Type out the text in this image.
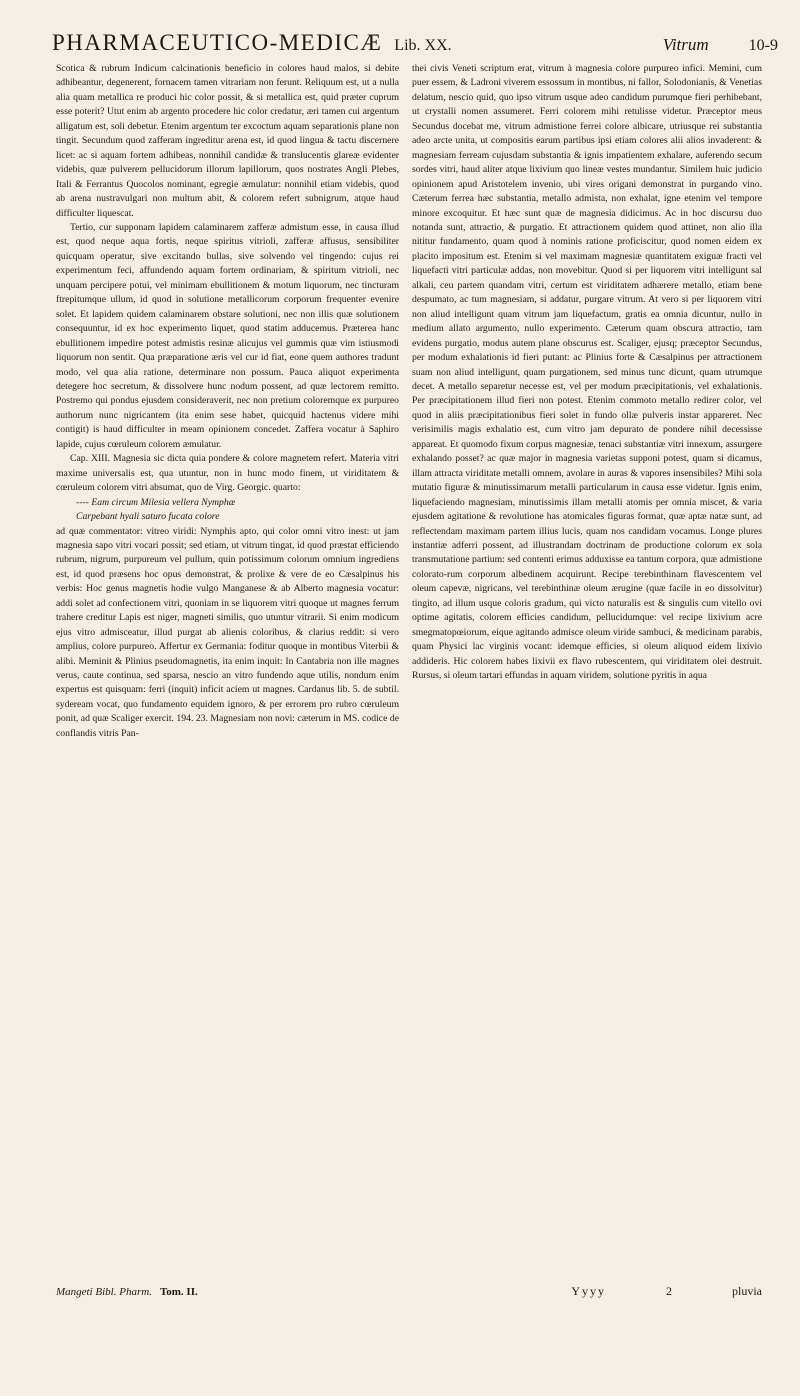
PHARMACEUTICO-MEDICÆ Lib. XX.	Vitrum	10-9

Scotica & rubrum Indicum calcinationis beneficio in colores haud malos, si debite adhibeantur, degenerent, fornacem tamen vitrariam non ferunt. Reliquum est, ut a nulla alia quam metallica re produci hic color possit, & si metallica est, quid præter cuprum esse poterit? Utut enim ab argento procedere hic color credatur, æri tamen cui argentum alligatum est, soli debetur. Etenim argentum ter excoctum aquam separationis plane non tingit. Secundum quod zafferam ingreditur arena est, id quod lingua & tactu discernere licet: ac si aquam fortem adhibeas, nonnihil candidæ & translucentis glareæ evidenter videbis, quæ pulverem pellucidorum illorum lapillorum, quos nostrates Angli Plebes, Itali & Ferrantus Quocolos nominant, egregie æmulatur: nonnihil etiam videbis, quod ab arena nustravulgari non multum abit, & colorem refert subnigrum, atque haud difficulter liquescat.

Tertio, cur supponam lapidem calaminarem zafferæ admistum esse, in causa illud est, quod neque aqua fortis, neque spiritus vitrioli, zafferæ affusus, sensibiliter quicquam operatur, sive excitando bullas, sive solvendo vel tingendo: cujus rei experimentum feci, affundendo aquam fortem ordinariam, & spiritum vitrioli, nec unquam percipere potui, vel minimam ebullitionem & motum liquorum, nec tincturam ftrepitumque ullum, id quod in solutione metallicorum corporum frequenter evenire solet. Et lapidem quidem calaminarem obstare solutioni, nec non illis quæ solutionem consequuntur, id ex hoc experimento liquet, quod statim adducemus. Præterea hanc ebullitionem impedire potest admistis resinæ alicujus vel gummis quæ vim istiusmodi liquorum non sentit. Qua præparatione æris vel cur id fiat, eone quem authores tradunt modo, vel qua alia ratione, determinare non possum. Pauca aliquot experimenta detegere hoc secretum, & dissolvere hunc nodum possent, ad quæ lectorem remitto. Postremo qui pondus ejusdem consideraverit, nec non pretium coloremque ex purpureo authorum nunc nigricantem (ita enim sese habet, quicquid hactenus videre mihi contigit) is haud difficulter in meam opinionem concedet. Zaffera vocatur à Saphiro lapide, cujus cœruleum colorem æmulatur.

Cap. XIII. Magnesia sic dicta quia pondere & colore magnetem refert. Materia vitri maxime universalis est, qua utuntur, non in hunc modo finem, ut viriditatem & cœruleum colorem vitri absumat, quo de Virg. Georgic. quarto:

---- Eam circum Milesia vellera Nymphæ
Carpebant hyali saturo fucata colore

ad quæ commentator: vitreo viridi: Nymphis apto, qui color omni vitro inest: ut jam magnesia sapo vitri vocari possit; sed etiam, ut vitrum tingat, id quod præstat efficiendo rubrum, nigrum, purpureum vel pullum, quin potissimum colorum omnium ingrediens est, id quod præsens hoc opus demonstrat, & prolixe & vere de eo Cæsalpinus his verbis: Hoc genus magnetis hodie vulgo Manganese & ab Alberto magnesia vocatur: addi solet ad confectionem vitri, quoniam in se liquorem vitri quoque ut magnes ferrum trahere creditur Lapis est niger, magneti similis, quo utuntur vitrarii. Si enim modicum ejus vitro admisceatur, illud purgat ab alienis coloribus, & clarius reddit: si vero amplius, colore purpureo. Affertur ex Germania: foditur quoque in montibus Viterbii & alibi. Meminit & Plinius pseudomagnetis, ita enim inquit: In Cantabria non ille magnes verus, caute continua, sed sparsa, nescio an vitro fundendo aque utilis, nondum enim expertus est quisquam: ferri (inquit) inficit aciem ut magnes. Cardanus lib. 5. de subtil. sydeream vocat, quo fundamento equidem ignoro, & per errorem pro rubro cœruleum ponit, ad quæ Scaliger exercit. 194. 23. Magnesiam non novi: cæterum in MS. codice de conflandis vitris Pan-

thei civis Veneti scriptum erat, vitrum à magnesia colore purpureo infici. Memini, cum puer essem, & Ladroni viverem essossum in montibus, ni fallor, Solodonianis, & Venetias delatum, nescio quid, quo ipso vitrum usque adeo candidum purumque fieri perhibebant, ut crystalli nomen assumeret. Ferri colorem mihi retulisse videtur. Præceptor meus Secundus docebat me, vitrum admistione ferrei colore albicare, utriusque rei substantia adeo arcte unita, ut compositis earum partibus ipsi etiam colores alii alios invaderent: & magnesiam ferream cujusdam substantia & ignis impatientem exhalare, auferendo secum sordes vitri, haud aliter atque lixivium quo lineæ vestes mundantur. Similem huic judicio opinionem apud Aristotelem invenio, ubi vires origani demonstrat in purgando vino. Cæterum ferrea hæc substantia, metallo admista, non exhalat, igne etenim vel tempore minore excoquitur. Et hæc sunt quæ de magnesia didicimus. Ac in hoc discursu duo notanda sunt, attractio, & purgatio. Et attractionem quidem quod attinet, non alio illa nititur fundamento, quam quod à nominis ratione proficiscitur, quod nomen eidem ex placito impositum est. Etenim si vel maximam magnesiæ quantitatem exiguæ fracti vel liquefacti vitri particulæ addas, non movebitur. Quod si per liquorem vitri intelligunt sal alkali, ceu partem quandam vitri, certum est viriditatem adhærere metallo, etiam bene despumato, ac tum magnesiam, si addatur, purgare vitrum. At vero si per liquorem vitri non aliud intelligunt quam vitrum jam liquefactum, gratis ea omnia dicuntur, nullo in medium allato argumento, nullo experimento. Cæterum quam obscura attractio, tam evidens purgatio, modus autem plane obscurus est. Scaliger, ejusq; præceptor Secundus, per modum exhalationis id fieri putant: ac Plinius forte & Cæsalpinus per attractionem suam non aliud intelligunt, quam purgationem, sed minus tunc dicunt, quam utrumque decet. A metallo separetur necesse est, vel per modum præcipitationis, vel exhalationis. Per præcipitationem illud fieri non potest. Etenim commoto metallo redirer color, vel quod in aliis præcipitationibus fieri solet in fundo ollæ pulveris instar appareret. Nec verisimilis magis exhalatio est, cum vitro jam depurato de pondere nihil decessisse appareat. Et quomodo fixum corpus magnesiæ, tenaci substantiæ vitri innexum, assurgere exhalando posset? ac quæ major in magnesia varietas supponi potest, quam si dicamus, illam attracta viriditate metalli omnem, avolare in auras & vapores insensibiles? Mihi sola mutatio figuræ & minutissimarum metalli particularum in causa esse videtur. Ignis enim, liquefaciendo magnesiam, minutissimis illam metalli atomis per omnia miscet, & varia ejusdem agitatione & revolutione has atomicales figuras format, quæ aptæ natæ sunt, ad reflectendam maximam partem illius lucis, quam nos candidam vocamus. Longe plures instantiæ adferri possent, ad illustrandam doctrinam de productione colorum ex sola transmutatione partium: sed contenti erimus adduxisse ea tantum corpora, quæ admistione colorato-rum corporum albedinem acquirunt. Recipe terebinthinam flavescentem vel oleum capevæ, nigricans, vel terebinthinæ oleum ærugine (quæ facile in eo dissolvitur) tingito, ad illum usque coloris gradum, qui victo naturalis est & singulis cum vitello ovi optime agitatis, colorem efficies candidum, pellucidumque: vel recipe lixivium acre smegmatopœiorum, eique agitando admisce oleum viride sambuci, & medicinam parabis, quam Physici lac virginis vocant: idemque efficies, si oleum aliquod eidem lixivio addideris. Hic colorem habes lixivii ex flavo rubescentem, qui viriditatem olei destruit. Rursus, si oleum tartari effundas in aquam viridem, solutione pyritis in aqua

Mangeti Bibl. Pharm. Tom. II.	Yyyy	2	pluvia
